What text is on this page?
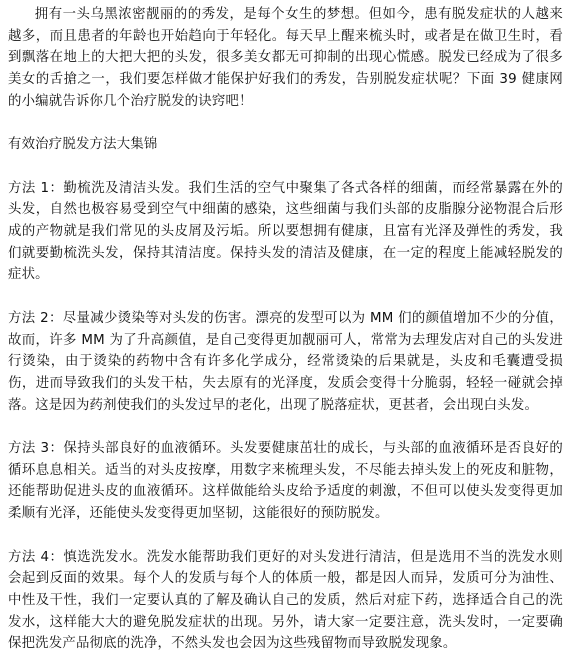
拥有一头乌黑浓密靓丽的的秀发，是每个女生的梦想。但如今，患有脱发症状的人越来越多，而且患者的年龄也开始趋向于年轻化。每天早上醒来梳头时，或者是在做卫生时，看到飘落在地上的大把大把的头发，很多美女都无可抑制的出现心慌感。脱发已经成为了很多美女的舌搶之一，我们要怎样做才能保护好我们的秀发，告别脱发症状呢？下面 39 健康网的小编就告诉你几个治疗脱发的诀窍吧！

有效治疗脱发方法大集锦

方法 1：勤梳洗及清洁头发。我们生活的空气中聚集了各式各样的细菌，而经常暴露在外的头发，自然也极容易受到空气中细菌的感染，这些细菌与我们头部的皮脂腺分泌物混合后形成的产物就是我们常见的头皮屑及污垢。所以要想拥有健康，且富有光泽及弹性的秀发，我们就要勤梳洗头发，保持其清洁度。保持头发的清洁及健康，在一定的程度上能减轻脱发的症状。

方法 2：尽量减少烫染等对头发的伤害。漂亮的发型可以为 MM 们的颜值增加不少的分值，故而，许多 MM 为了升高颜值，是自己变得更加靓丽可人，常常为去理发店对自己的头发进行烫染，由于烫染的药物中含有许多化学成分，经常烫染的后果就是，头皮和毛囊遭受损伤，进而导致我们的头发干枯，失去原有的光泽度，发质会变得十分脆弱，轻轻一碰就会掉落。这是因为药剂使我们的头发过早的老化，出现了脱落症状，更甚者，会出现白头发。

方法 3：保持头部良好的血液循环。头发要健康茁壮的成长，与头部的血液循环是否良好的循环息息相关。适当的对头皮按摩，用数字来梳理头发，不尽能去掉头发上的死皮和脏物，还能帮助促进头皮的血液循环。这样做能给头皮给予适度的刺激，不但可以使头发变得更加柔顺有光泽，还能使头发变得更加坚韧，这能很好的预防脱发。

方法 4：慎选洗发水。洗发水能帮助我们更好的对头发进行清洁，但是选用不当的洗发水则会起到反面的效果。每个人的发质与每个人的体质一般，都是因人而异，发质可分为油性、中性及干性，我们一定要认真的了解及确认自己的发质，然后对症下药，选择适合自己的洗发水，这样能大大的避免脱发症状的出现。另外，请大家一定要注意，洗头发时，一定要确保把洗发产品彻底的洗净，不然头发也会因为这些残留物而导致脱发现象。
